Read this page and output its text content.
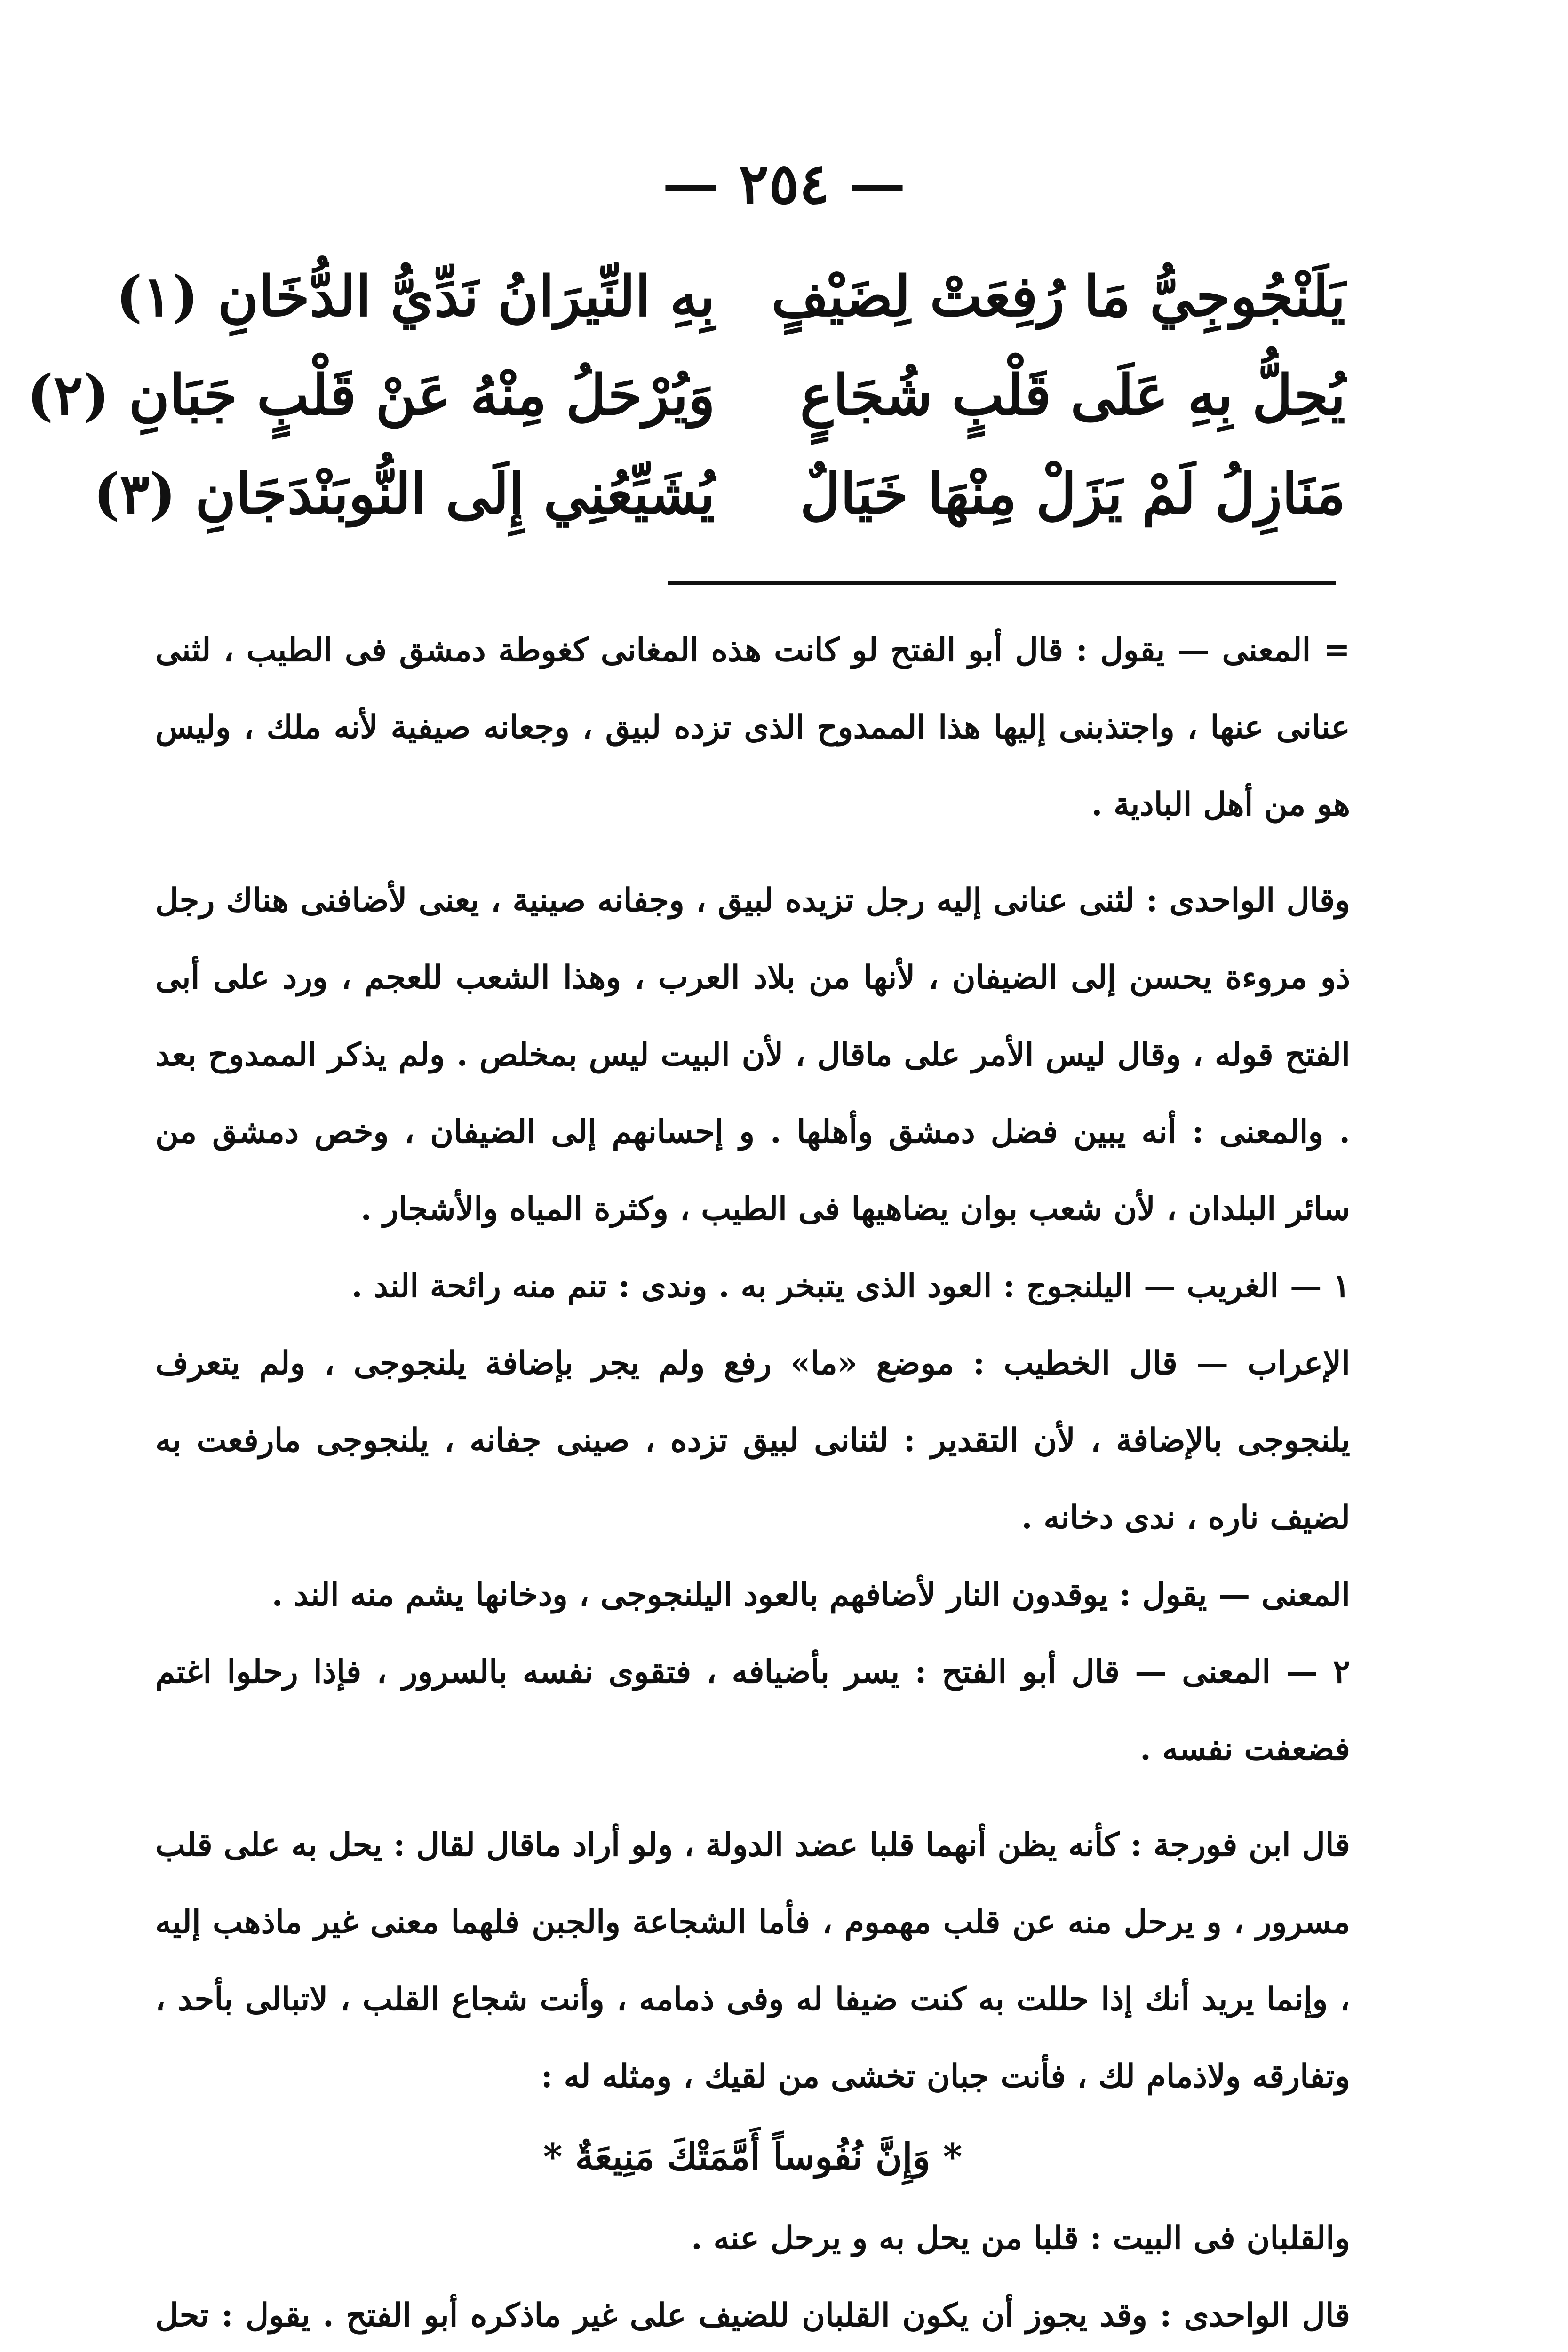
— ٢٥٤ —
يَلَنْجُوجِيُّ مَا رُفِعَتْ لِضَيْفٍ
بِهِ النِّيرَانُ نَدِّيُّ الدُّخَانِ (١)
يُحِلُّ بِهِ عَلَى قَلْبٍ شُجَاعٍ
وَيُرْحَلُ مِنْهُ عَنْ قَلْبٍ جَبَانِ (٢)
مَنَازِلُ لَمْ يَزَلْ مِنْهَا خَيَالٌ
يُشَيِّعُنِي إِلَى النُّوبَنْدَجَانِ (٣)

= المعنى — يقول : قال أبو الفتح لو كانت هذه المغانى كغوطة دمشق فى الطيب ، لثنى عنانى عنها ، واجتذبنى إليها هذا الممدوح الذى تزده لبيق ، وجعانه صيفية لأنه ملك ، وليس هو من أهل البادية .

وقال الواحدى : لثنى عنانى إليه رجل تزيده لبيق ، وجفانه صينية ، يعنى لأضافنى هناك رجل ذو مروءة يحسن إلى الضيفان ، لأنها من بلاد العرب ، وهذا الشعب للعجم ، ورد على أبى الفتح قوله ، وقال ليس الأمر على ماقال ، لأن البيت ليس بمخلص . ولم يذكر الممدوح بعد . والمعنى : أنه يبين فضل دمشق وأهلها . و إحسانهم إلى الضيفان ، وخص دمشق من سائر البلدان ، لأن شعب بوان يضاهيها فى الطيب ، وكثرة المياه والأشجار .

١ — الغريب — اليلنجوج : العود الذى يتبخر به . وندى : تنم منه رائحة الند .

الإعراب — قال الخطيب : موضع «ما» رفع ولم يجر بإضافة يلنجوجى ، ولم يتعرف يلنجوجى بالإضافة ، لأن التقدير : لثنانى لبيق تزده ، صينى جفانه ، يلنجوجى مارفعت به لضيف ناره ، ندى دخانه .

المعنى — يقول : يوقدون النار لأضافهم بالعود اليلنجوجى ، ودخانها يشم منه الند .

٢ — المعنى — قال أبو الفتح : يسر بأضيافه ، فتقوى نفسه بالسرور ، فإذا رحلوا اغتم فضعفت نفسه .

قال ابن فورجة : كأنه يظن أنهما قلبا عضد الدولة ، ولو أراد ماقال لقال : يحل به على قلب مسرور ، و يرحل منه عن قلب مهموم ، فأما الشجاعة والجبن فلهما معنى غير ماذهب إليه ، وإنما يريد أنك إذا حللت به كنت ضيفا له وفى ذمامه ، وأنت شجاع القلب ، لاتبالى بأحد ، وتفارقه ولاذمام لك ، فأنت جبان تخشى من لقيك ، ومثله له :

* وَإِنَّ نُفُوساً أَمَّمَتْكَ مَنِيعَةٌ *

والقلبان فى البيت : قلبا من يحل به و يرحل عنه .

قال الواحدى : وقد يجوز أن يكون القلبان للضيف على غير ماذكره أبو الفتح . يقول : تحل
